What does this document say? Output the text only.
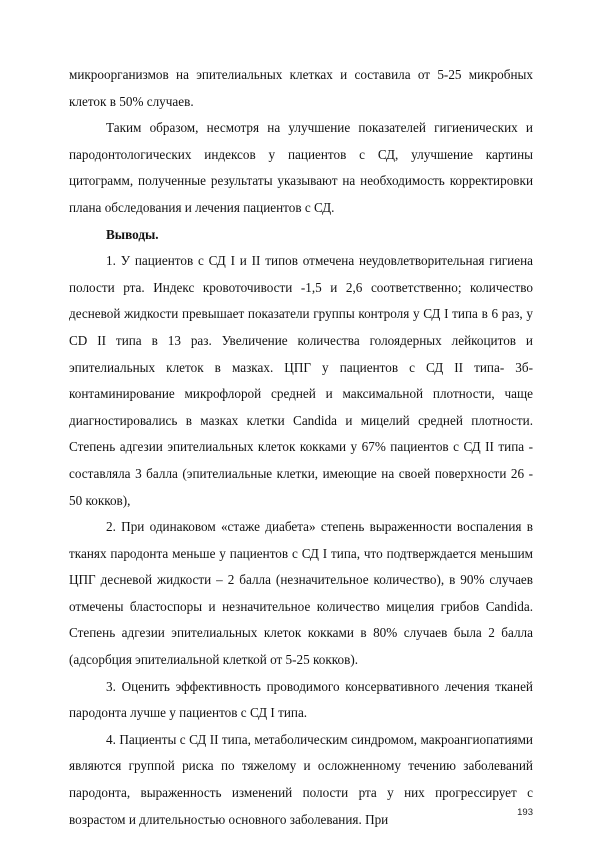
микроорганизмов на эпителиальных клетках и составила от 5-25 микробных клеток в 50% случаев.

Таким образом, несмотря на улучшение показателей гигиенических и пародонтологических индексов у пациентов с СД, улучшение картины цитограмм, полученные результаты указывают на необходимость корректировки плана обследования и лечения пациентов с СД.

Выводы.

1. У пациентов с СД I и II типов отмечена неудовлетворительная гигиена полости рта. Индекс кровоточивости -1,5 и 2,6 соответственно; количество десневой жидкости превышает показатели группы контроля у СД I типа в 6 раз, у CD II типа в 13 раз. Увеличение количества голоядерных лейкоцитов и эпителиальных клеток в мазках. ЦПГ у пациентов с СД II типа- 3б- контаминирование микрофлорой средней и максимальной плотности, чаще диагностировались в мазках клетки Candida и мицелий средней плотности. Степень адгезии эпителиальных клеток кокками у 67% пациентов с СД II типа - составляла 3 балла (эпителиальные клетки, имеющие на своей поверхности 26 - 50 кокков),

2. При одинаковом «стаже диабета» степень выраженности воспаления в тканях пародонта меньше у пациентов с СД I типа, что подтверждается меньшим ЦПГ десневой жидкости – 2 балла (незначительное количество), в 90% случаев отмечены бластоспоры и незначительное количество мицелия грибов Candida. Степень адгезии эпителиальных клеток кокками в 80% случаев была 2 балла (адсорбция эпителиальной клеткой от 5-25 кокков).

3. Оценить эффективность проводимого консервативного лечения тканей пародонта лучше у пациентов с СД I типа.

4. Пациенты с СД II типа, метаболическим синдромом, макроангиопатиями являются группой риска по тяжелому и осложненному течению заболеваний пародонта, выраженность изменений полости рта у них прогрессирует с возрастом и длительностью основного заболевания. При	193
